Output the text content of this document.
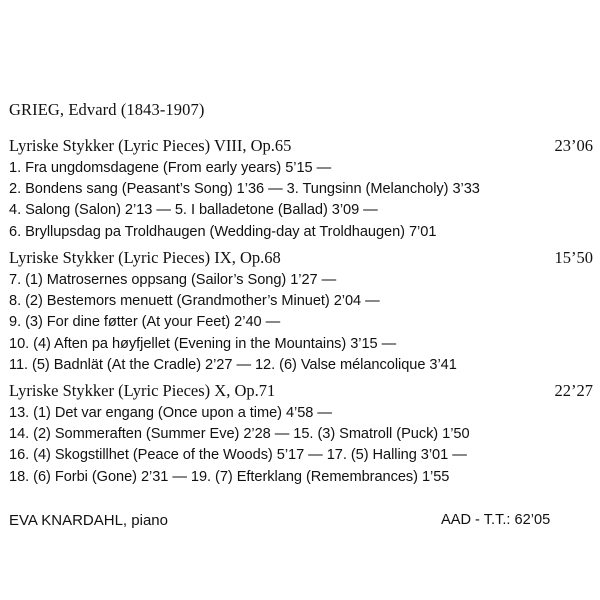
GRIEG, Edvard (1843-1907)
Lyriske Stykker (Lyric Pieces) VIII, Op.65	23’06
1. Fra ungdomsdagene (From early years) 5’15 —
2. Bondens sang (Peasant’s Song) 1’36 — 3. Tungsinn (Melancholy) 3’33
4. Salong (Salon) 2’13 — 5. I balladetone (Ballad) 3’09 —
6. Bryllupsdag pa Troldhaugen (Wedding-day at Troldhaugen) 7’01
Lyriske Stykker (Lyric Pieces) IX, Op.68	15’50
7. (1) Matrosernes oppsang (Sailor’s Song) 1’27 —
8. (2) Bestemors menuett (Grandmother’s Minuet) 2’04 —
9. (3) For dine føtter (At your Feet) 2’40 —
10. (4) Aften pa høyfjellet (Evening in the Mountains) 3’15 —
11. (5) Badnlät (At the Cradle) 2’27 — 12. (6) Valse mélancolique 3’41
Lyriske Stykker (Lyric Pieces) X, Op.71	22’27
13. (1) Det var engang (Once upon a time) 4’58 —
14. (2) Sommeraften (Summer Eve) 2’28 — 15. (3) Smatroll (Puck) 1’50
16. (4) Skogstillhet (Peace of the Woods) 5’17 — 17. (5) Halling 3’01 —
18. (6) Forbi (Gone) 2’31 — 19. (7) Efterklang (Remembrances) 1’55
EVA KNARDAHL, piano	AAD - T.T.: 62’05
